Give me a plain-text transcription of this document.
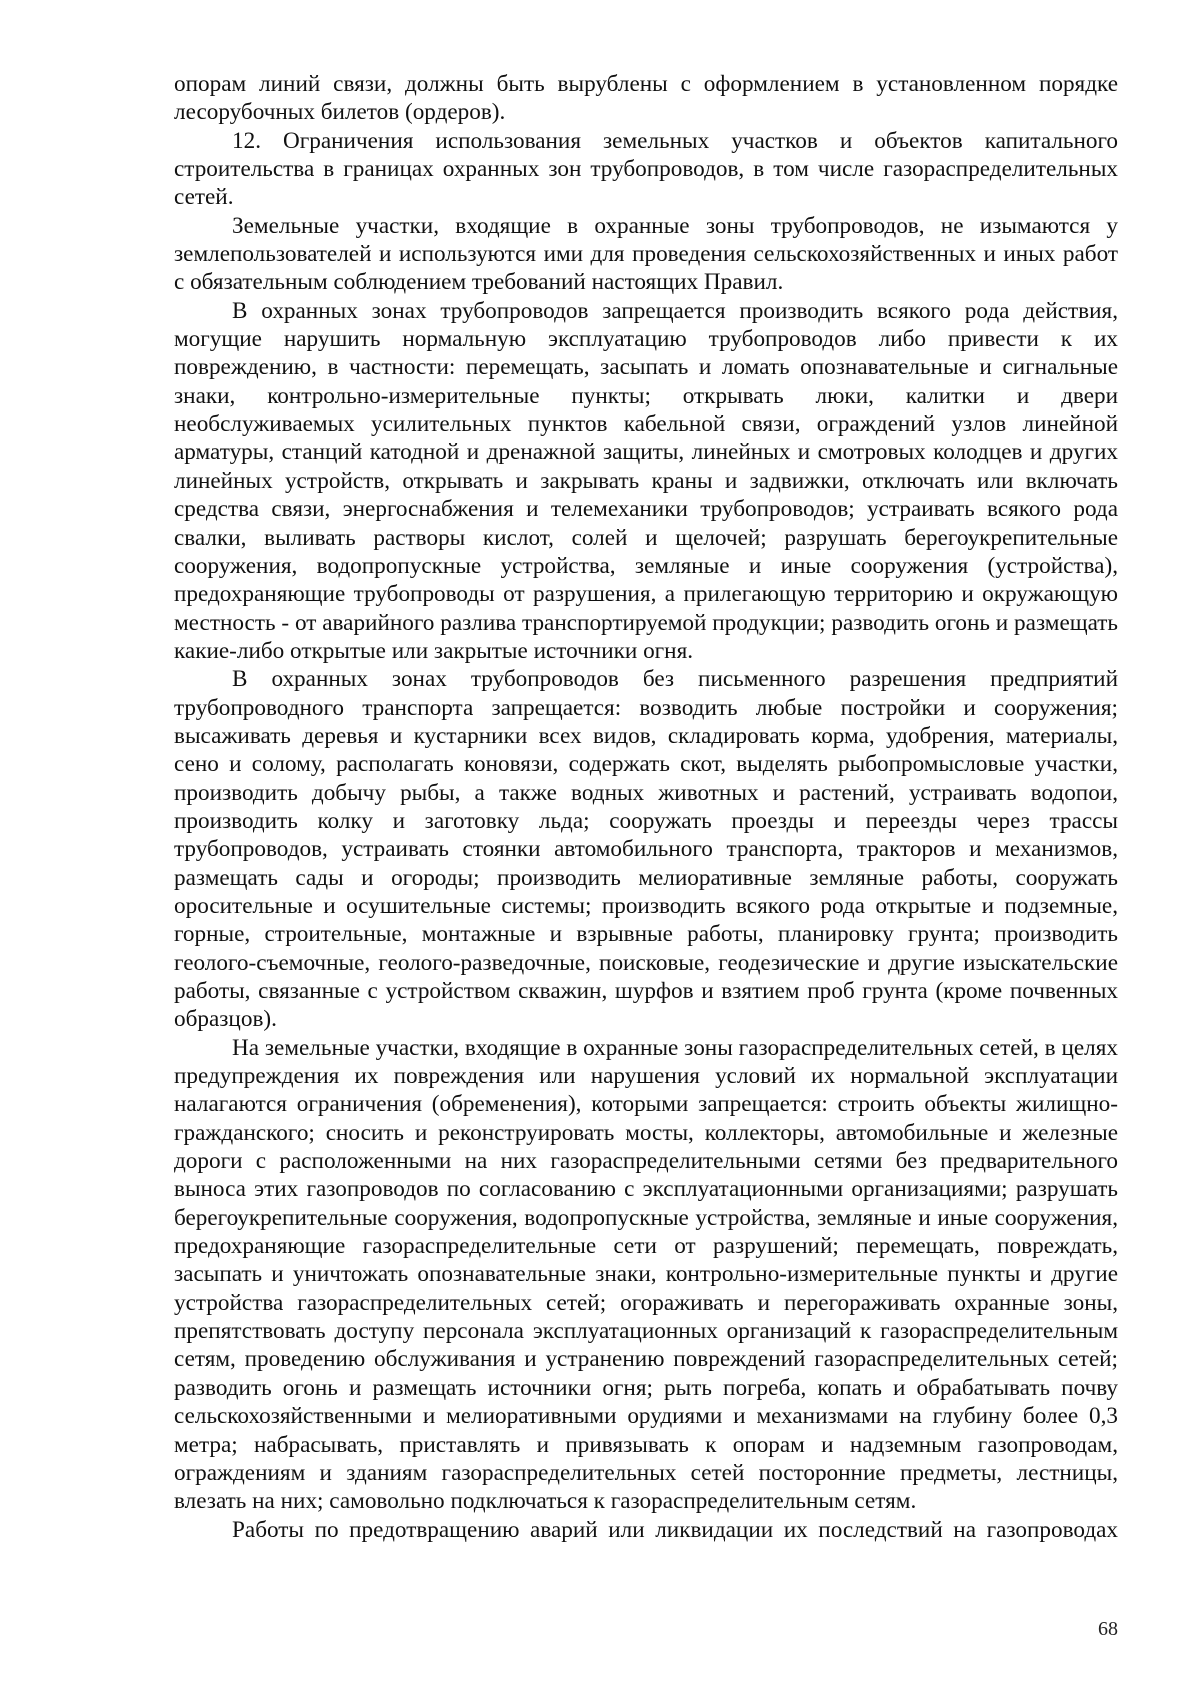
опорам линий связи, должны быть вырублены с оформлением в установленном порядке лесорубочных билетов (ордеров).

12. Ограничения использования земельных участков и объектов капитального строительства в границах охранных зон трубопроводов, в том числе газораспределительных сетей.

Земельные участки, входящие в охранные зоны трубопроводов, не изымаются у землепользователей и используются ими для проведения сельскохозяйственных и иных работ с обязательным соблюдением требований настоящих Правил.

В охранных зонах трубопроводов запрещается производить всякого рода действия, могущие нарушить нормальную эксплуатацию трубопроводов либо привести к их повреждению, в частности: перемещать, засыпать и ломать опознавательные и сигнальные знаки, контрольно-измерительные пункты; открывать люки, калитки и двери необслуживаемых усилительных пунктов кабельной связи, ограждений узлов линейной арматуры, станций катодной и дренажной защиты, линейных и смотровых колодцев и других линейных устройств, открывать и закрывать краны и задвижки, отключать или включать средства связи, энергоснабжения и телемеханики трубопроводов; устраивать всякого рода свалки, выливать растворы кислот, солей и щелочей; разрушать берегоукрепительные сооружения, водопропускные устройства, земляные и иные сооружения (устройства), предохраняющие трубопроводы от разрушения, а прилегающую территорию и окружающую местность - от аварийного разлива транспортируемой продукции; разводить огонь и размещать какие-либо открытые или закрытые источники огня.

В охранных зонах трубопроводов без письменного разрешения предприятий трубопроводного транспорта запрещается: возводить любые постройки и сооружения; высаживать деревья и кустарники всех видов, складировать корма, удобрения, материалы, сено и солому, располагать коновязи, содержать скот, выделять рыбопромысловые участки, производить добычу рыбы, а также водных животных и растений, устраивать водопои, производить колку и заготовку льда; сооружать проезды и переезды через трассы трубопроводов, устраивать стоянки автомобильного транспорта, тракторов и механизмов, размещать сады и огороды; производить мелиоративные земляные работы, сооружать оросительные и осушительные системы; производить всякого рода открытые и подземные, горные, строительные, монтажные и взрывные работы, планировку грунта; производить геолого-съемочные, геолого-разведочные, поисковые, геодезические и другие изыскательские работы, связанные с устройством скважин, шурфов и взятием проб грунта (кроме почвенных образцов).

На земельные участки, входящие в охранные зоны газораспределительных сетей, в целях предупреждения их повреждения или нарушения условий их нормальной эксплуатации налагаются ограничения (обременения), которыми запрещается: строить объекты жилищно-гражданского; сносить и реконструировать мосты, коллекторы, автомобильные и железные дороги с расположенными на них газораспределительными сетями без предварительного выноса этих газопроводов по согласованию с эксплуатационными организациями; разрушать берегоукрепительные сооружения, водопропускные устройства, земляные и иные сооружения, предохраняющие газораспределительные сети от разрушений; перемещать, повреждать, засыпать и уничтожать опознавательные знаки, контрольно-измерительные пункты и другие устройства газораспределительных сетей; огораживать и перегораживать охранные зоны, препятствовать доступу персонала эксплуатационных организаций к газораспределительным сетям, проведению обслуживания и устранению повреждений газораспределительных сетей; разводить огонь и размещать источники огня; рыть погреба, копать и обрабатывать почву сельскохозяйственными и мелиоративными орудиями и механизмами на глубину более 0,3 метра; набрасывать, приставлять и привязывать к опорам и надземным газопроводам, ограждениям и зданиям газораспределительных сетей посторонние предметы, лестницы, влезать на них; самовольно подключаться к газораспределительным сетям.

Работы по предотвращению аварий или ликвидации их последствий на газопроводах

68
